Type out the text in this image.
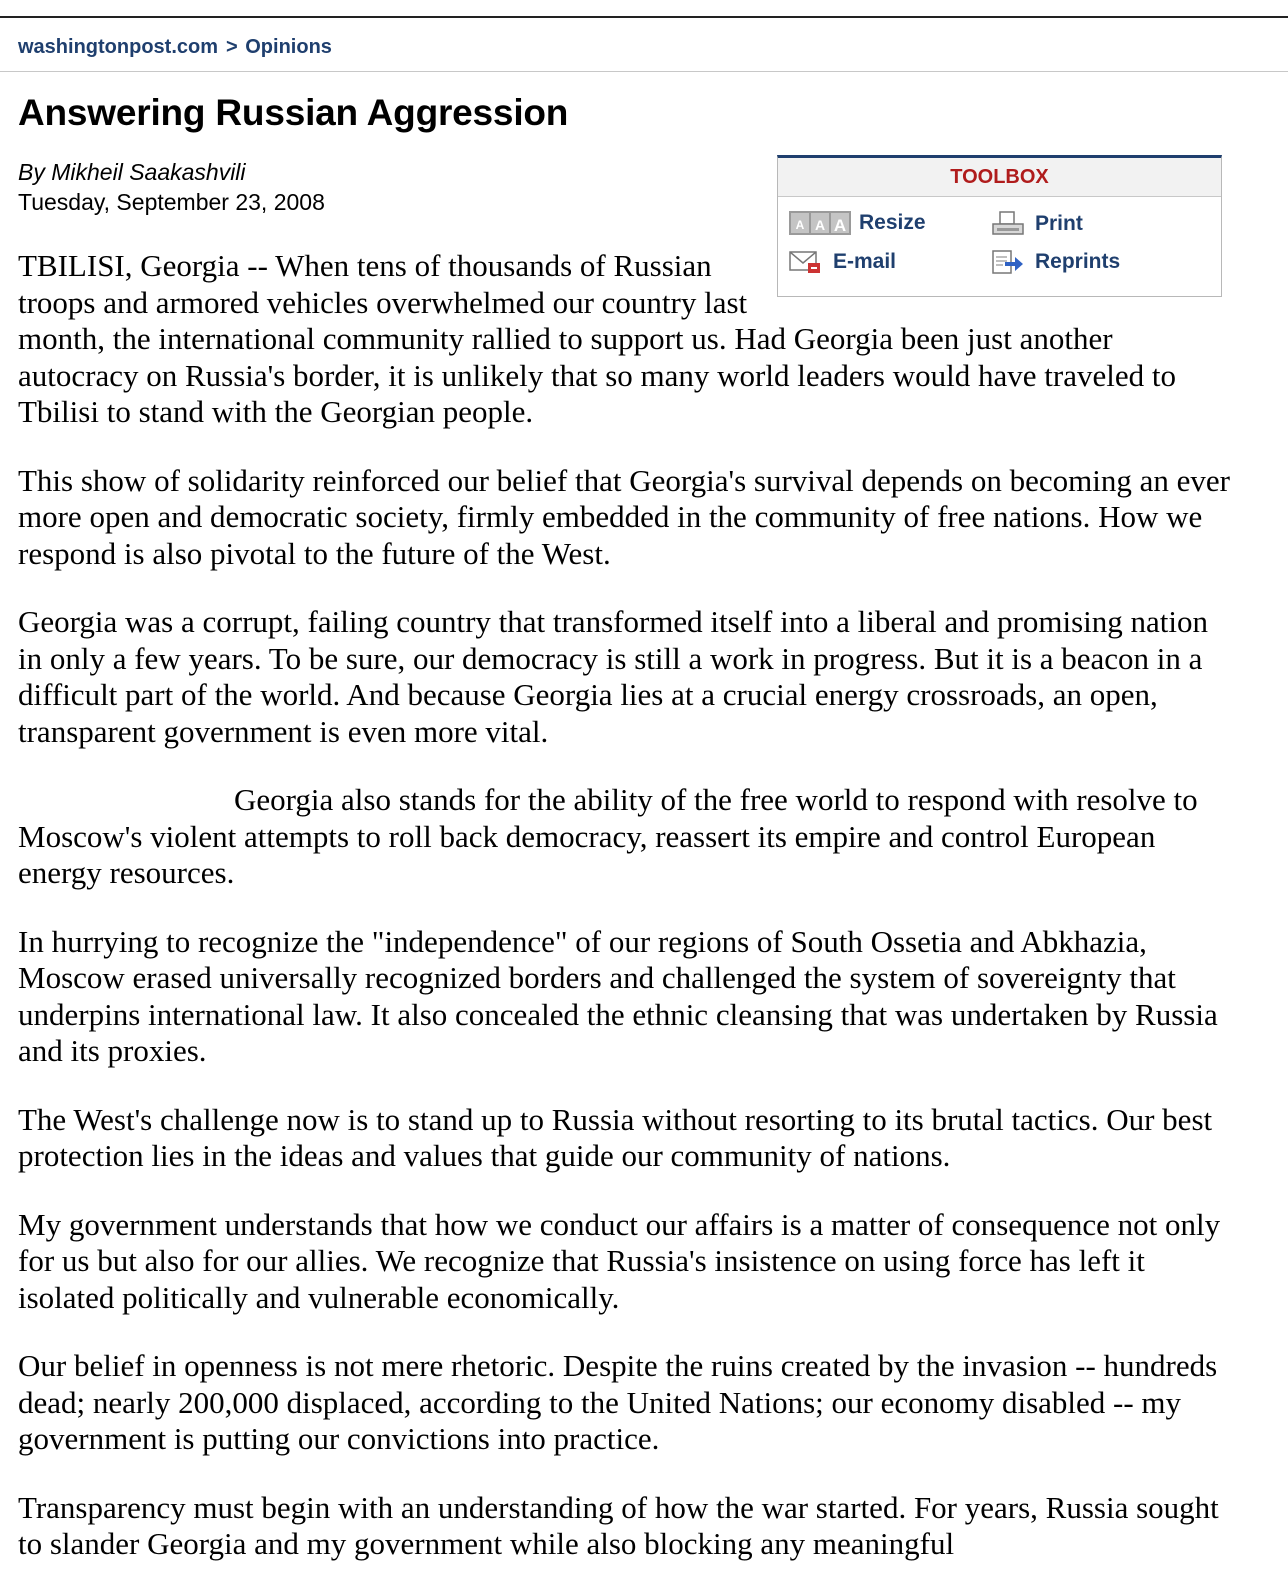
washingtonpost.com > Opinions
Answering Russian Aggression
By Mikheil Saakashvili
Tuesday, September 23, 2008
TOOLBOX
A A A Resize	Print
E-mail	Reprints

TBILISI, Georgia -- When tens of thousands of Russian troops and armored vehicles overwhelmed our country last month, the international community rallied to support us. Had Georgia been just another autocracy on Russia's border, it is unlikely that so many world leaders would have traveled to Tbilisi to stand with the Georgian people.

This show of solidarity reinforced our belief that Georgia's survival depends on becoming an ever more open and democratic society, firmly embedded in the community of free nations. How we respond is also pivotal to the future of the West.

Georgia was a corrupt, failing country that transformed itself into a liberal and promising nation in only a few years. To be sure, our democracy is still a work in progress. But it is a beacon in a difficult part of the world. And because Georgia lies at a crucial energy crossroads, an open, transparent government is even more vital.

Georgia also stands for the ability of the free world to respond with resolve to Moscow's violent attempts to roll back democracy, reassert its empire and control European energy resources.

In hurrying to recognize the "independence" of our regions of South Ossetia and Abkhazia, Moscow erased universally recognized borders and challenged the system of sovereignty that underpins international law. It also concealed the ethnic cleansing that was undertaken by Russia and its proxies.

The West's challenge now is to stand up to Russia without resorting to its brutal tactics. Our best protection lies in the ideas and values that guide our community of nations.

My government understands that how we conduct our affairs is a matter of consequence not only for us but also for our allies. We recognize that Russia's insistence on using force has left it isolated politically and vulnerable economically.

Our belief in openness is not mere rhetoric. Despite the ruins created by the invasion -- hundreds dead; nearly 200,000 displaced, according to the United Nations; our economy disabled -- my government is putting our convictions into practice.

Transparency must begin with an understanding of how the war started. For years, Russia sought to slander Georgia and my government while also blocking any meaningful
